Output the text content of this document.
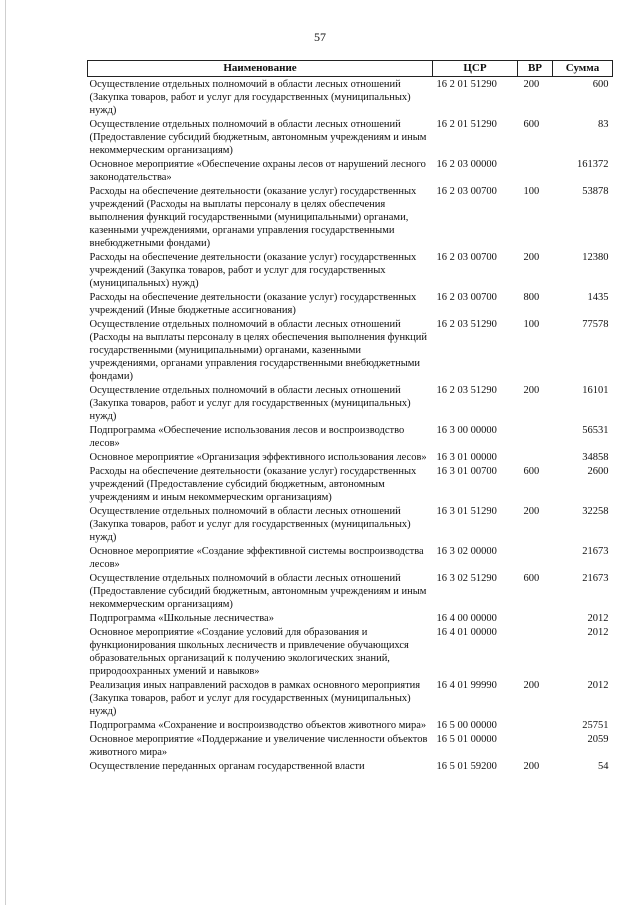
57
Наименование	ЦСР	ВР	Сумма
Осуществление отдельных полномочий в области лесных отношений (Закупка товаров, работ и услуг для государственных (муниципальных) нужд)	16 2 01 51290	200	600
Осуществление отдельных полномочий в области лесных отношений (Предоставление субсидий бюджетным, автономным учреждениям и иным некоммерческим организациям)	16 2 01 51290	600	83
Основное мероприятие «Обеспечение охраны лесов от нарушений лесного законодательства»	16 2 03 00000		161372
Расходы на обеспечение деятельности (оказание услуг) государственных учреждений (Расходы на выплаты персоналу в целях обеспечения выполнения функций государственными (муниципальными) органами, казенными учреждениями, органами управления государственными внебюджетными фондами)	16 2 03 00700	100	53878
Расходы на обеспечение деятельности (оказание услуг) государственных учреждений (Закупка товаров, работ и услуг для государственных (муниципальных) нужд)	16 2 03 00700	200	12380
Расходы на обеспечение деятельности (оказание услуг) государственных учреждений (Иные бюджетные ассигнования)	16 2 03 00700	800	1435
Осуществление отдельных полномочий в области лесных отношений (Расходы на выплаты персоналу в целях обеспечения выполнения функций государственными (муниципальными) органами, казенными учреждениями, органами управления государственными внебюджетными фондами)	16 2 03 51290	100	77578
Осуществление отдельных полномочий в области лесных отношений (Закупка товаров, работ и услуг для государственных (муниципальных) нужд)	16 2 03 51290	200	16101
Подпрограмма «Обеспечение использования лесов и воспроизводство лесов»	16 3 00 00000		56531
Основное мероприятие «Организация эффективного использования лесов»	16 3 01 00000		34858
Расходы на обеспечение деятельности (оказание услуг) государственных учреждений (Предоставление субсидий бюджетным, автономным учреждениям и иным некоммерческим организациям)	16 3 01 00700	600	2600
Осуществление отдельных полномочий в области лесных отношений (Закупка товаров, работ и услуг для государственных (муниципальных) нужд)	16 3 01 51290	200	32258
Основное мероприятие «Создание эффективной системы воспроизводства лесов»	16 3 02 00000		21673
Осуществление отдельных полномочий в области лесных отношений (Предоставление субсидий бюджетным, автономным учреждениям и иным некоммерческим организациям)	16 3 02 51290	600	21673
Подпрограмма «Школьные лесничества»	16 4 00 00000		2012
Основное мероприятие «Создание условий для образования и функционирования школьных лесничеств и привлечение обучающихся образовательных организаций к получению экологических знаний, природоохранных умений и навыков»	16 4 01 00000		2012
Реализация иных направлений расходов в рамках основного мероприятия (Закупка товаров, работ и услуг для государственных (муниципальных) нужд)	16 4 01 99990	200	2012
Подпрограмма «Сохранение и воспроизводство объектов животного мира»	16 5 00 00000		25751
Основное мероприятие «Поддержание и увеличение численности объектов животного мира»	16 5 01 00000		2059
Осуществление переданных органам государственной власти	16 5 01 59200	200	54
